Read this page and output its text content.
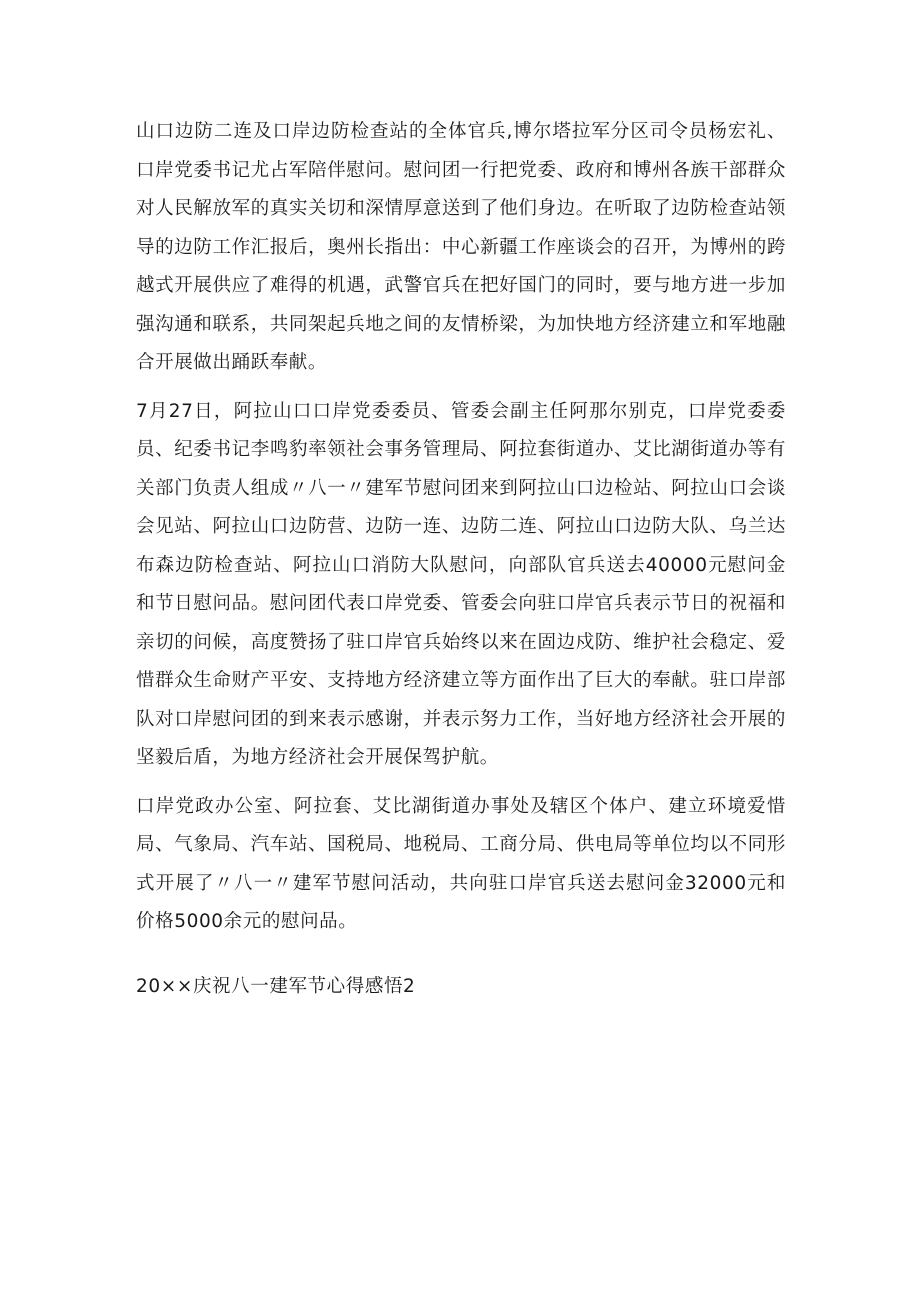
山口边防二连及口岸边防检查站的全体官兵,博尔塔拉军分区司令员杨宏礼、口岸党委书记尤占军陪伴慰问。慰问团一行把党委、政府和博州各族干部群众对人民解放军的真实关切和深情厚意送到了他们身边。在听取了边防检查站领导的边防工作汇报后，奥州长指出：中心新疆工作座谈会的召开，为博州的跨越式开展供应了难得的机遇，武警官兵在把好国门的同时，要与地方进一步加强沟通和联系，共同架起兵地之间的友情桥梁，为加快地方经济建立和军地融合开展做出踊跃奉献。

7月27日，阿拉山口口岸党委委员、管委会副主任阿那尔别克，口岸党委委员、纪委书记李鸣豹率领社会事务管理局、阿拉套街道办、艾比湖街道办等有关部门负责人组成〃八一〃建军节慰问团来到阿拉山口边检站、阿拉山口会谈会见站、阿拉山口边防营、边防一连、边防二连、阿拉山口边防大队、乌兰达布森边防检查站、阿拉山口消防大队慰问，向部队官兵送去40000元慰问金和节日慰问品。慰问团代表口岸党委、管委会向驻口岸官兵表示节日的祝福和亲切的问候，高度赞扬了驻口岸官兵始终以来在固边戍防、维护社会稳定、爱惜群众生命财产平安、支持地方经济建立等方面作出了巨大的奉献。驻口岸部队对口岸慰问团的到来表示感谢，并表示努力工作，当好地方经济社会开展的坚毅后盾，为地方经济社会开展保驾护航。

口岸党政办公室、阿拉套、艾比湖街道办事处及辖区个体户、建立环境爱惜局、气象局、汽车站、国税局、地税局、工商分局、供电局等单位均以不同形式开展了〃八一〃建军节慰问活动，共向驻口岸官兵送去慰问金32000元和价格5000余元的慰问品。

20××庆祝八一建军节心得感悟2
